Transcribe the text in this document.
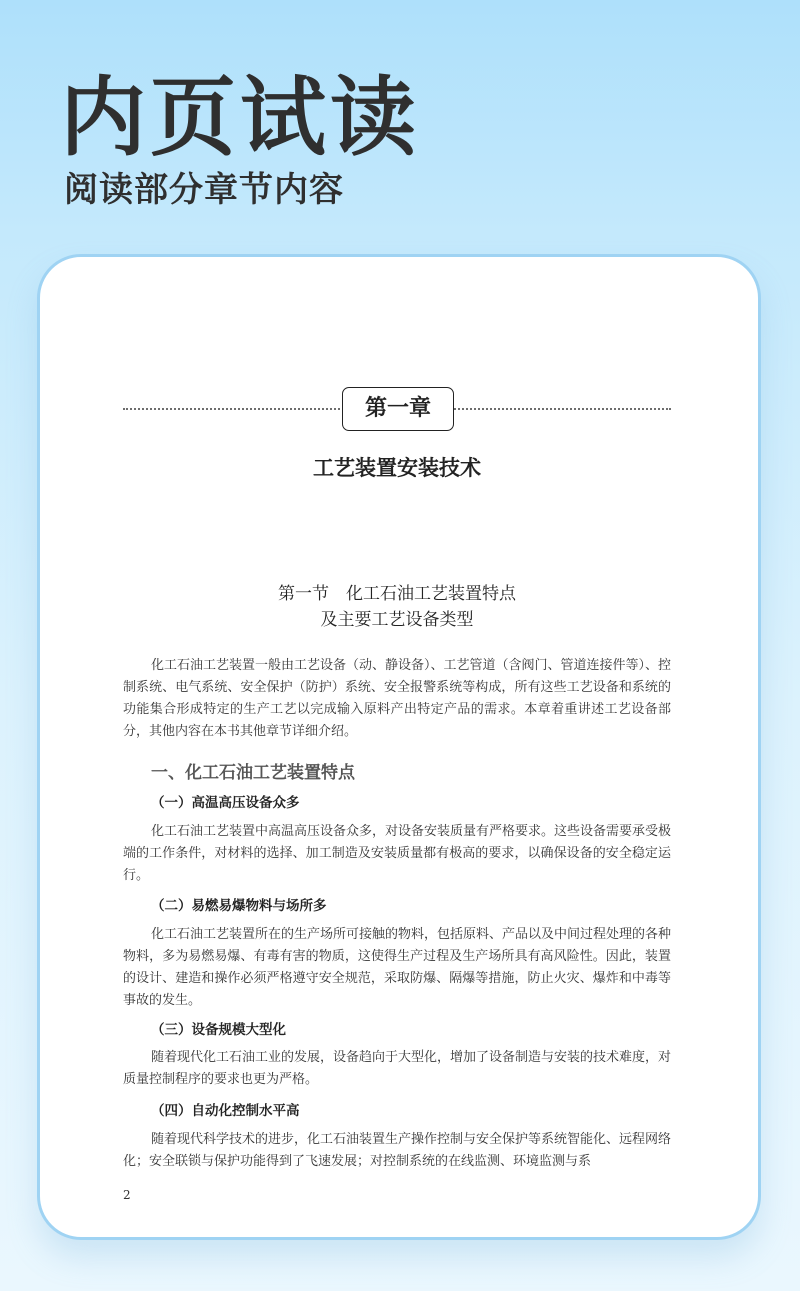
内页试读
阅读部分章节内容
第一章
工艺装置安装技术
第一节　化工石油工艺装置特点
及主要工艺设备类型

化工石油工艺装置一般由工艺设备（动、静设备）、工艺管道（含阀门、管道连接件等）、控制系统、电气系统、安全保护（防护）系统、安全报警系统等构成，所有这些工艺设备和系统的功能集合形成特定的生产工艺以完成输入原料产出特定产品的需求。本章着重讲述工艺设备部分，其他内容在本书其他章节详细介绍。

一、化工石油工艺装置特点
（一）高温高压设备众多

化工石油工艺装置中高温高压设备众多，对设备安装质量有严格要求。这些设备需要承受极端的工作条件，对材料的选择、加工制造及安装质量都有极高的要求，以确保设备的安全稳定运行。

（二）易燃易爆物料与场所多

化工石油工艺装置所在的生产场所可接触的物料，包括原料、产品以及中间过程处理的各种物料，多为易燃易爆、有毒有害的物质，这使得生产过程及生产场所具有高风险性。因此，装置的设计、建造和操作必须严格遵守安全规范，采取防爆、隔爆等措施，防止火灾、爆炸和中毒等事故的发生。

（三）设备规模大型化

随着现代化工石油工业的发展，设备趋向于大型化，增加了设备制造与安装的技术难度，对质量控制程序的要求也更为严格。

（四）自动化控制水平高

随着现代科学技术的进步，化工石油装置生产操作控制与安全保护等系统智能化、远程网络化；安全联锁与保护功能得到了飞速发展；对控制系统的在线监测、环境监测与系

2
